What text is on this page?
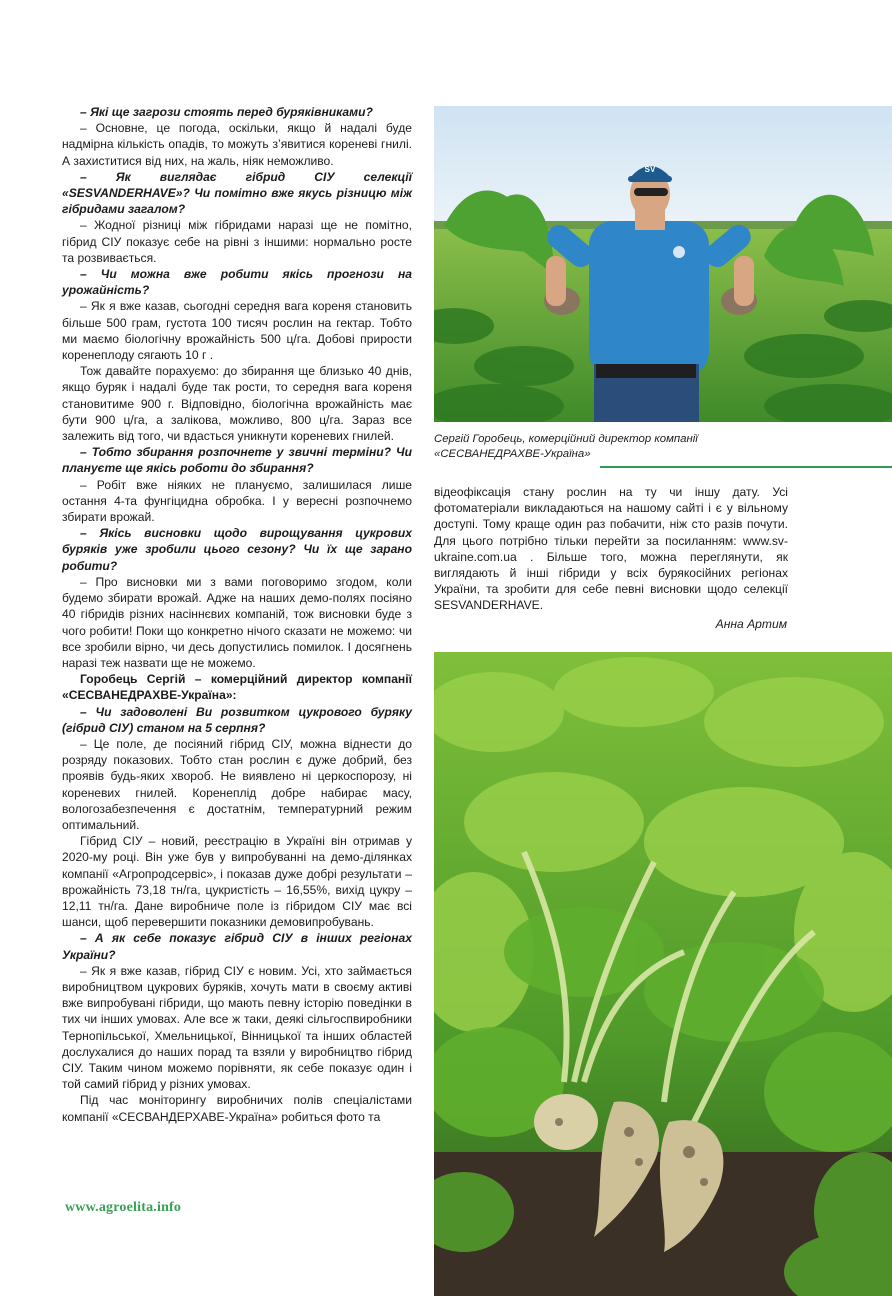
– Які ще загрози стоять перед буряківниками?

– Основне, це погода, оскільки, якщо й надалі буде надмірна кількість опадів, то можуть з’явитися кореневі гнилі. А захиститися від них, на жаль, ніяк неможливо.

– Як виглядає гібрид СІУ селекції «SESVANDERHAVE»? Чи помітно вже якусь різницю між гібридами загалом?

– Жодної різниці між гібридами наразі ще не помітно, гібрид СІУ показує себе на рівні з іншими: нормально росте та розвивається.

– Чи можна вже робити якісь прогнози на урожайність?

– Як я вже казав, сьогодні середня вага кореня становить більше 500 грам, густота 100 тисяч рослин на гектар. Тобто ми маємо біологічну врожайність 500 ц/га. Добові прирости коренеплоду сягають 10 г .

Тож давайте порахуємо: до збирання ще близько 40 днів, якщо буряк і надалі буде так рости, то середня вага кореня становитиме 900 г. Відповідно, біологічна врожайність має бути 900 ц/га, а залікова, можливо, 800 ц/га. Зараз все залежить від того, чи вдасться уникнути кореневих гнилей.

– Тобто збирання розпочнете у звичні терміни? Чи плануєте ще якісь роботи до збирання?

– Робіт вже ніяких не плануємо, залишилася лише остання 4-та фунгіцидна обробка. І у вересні розпочнемо збирати врожай.

– Якісь висновки щодо вирощування цукрових буряків уже зробили цього сезону? Чи їх ще зарано робити?

– Про висновки ми з вами поговоримо згодом, коли будемо збирати врожай. Адже на наших демо-полях посіяно 40 гібридів різних насіннєвих компаній, тож висновки буде з чого робити! Поки що конкретно нічого сказати не можемо: чи все зробили вірно, чи десь допустились помилок. І досягнень наразі теж назвати ще не можемо.

Горобець Сергій – комерційний директор компанії «СЕСВАНЕДРАХВЕ-Україна»:

– Чи задоволені Ви розвитком цукрового буряку (гібрид СІУ) станом на 5 серпня?

– Це поле, де посіяний гібрид СІУ, можна віднести до розряду показових. Тобто стан рослин є дуже добрий, без проявів будь-яких хвороб. Не виявлено ні церкоспорозу, ні кореневих гнилей. Коренеплід добре набирає масу, вологозабезпечення є достатнім, температурний режим оптимальний.

Гібрид СІУ – новий, реєстрацію в Україні він отримав у 2020-му році. Він уже був у випробуванні на демо-ділянках компанії «Агропродсервіс», і показав дуже добрі результати – врожайність 73,18 тн/га, цукристість – 16,55%, вихід цукру – 12,11 тн/га. Дане виробниче поле із гібридом СІУ має всі шанси, щоб перевершити показники демовипробувань.

– А як себе показує гібрид СІУ в інших регіонах України?

– Як я вже казав, гібрид СІУ є новим. Усі, хто займається виробництвом цукрових буряків, хочуть мати в своєму активі вже випробувані гібриди, що мають певну історію поведінки в тих чи інших умовах. Але все ж таки, деякі сільгоспвиробники Тернопільської, Хмельницької, Вінницької та інших областей дослухалися до наших порад та взяли у виробництво гібрид СІУ. Таким чином можемо порівняти, як себе показує один і той самий гібрид у різних умовах.

Під час моніторингу виробничих полів спеціалістами компанії «СЕСВАНДЕРХАВЕ-Україна» робиться фото та

SV
Сергій Горобець, комерційний директор компанії «СЕСВАНЕДРАХВЕ-Україна»

відеофіксація стану рослин на ту чи іншу дату. Усі фотоматеріали викладаються на нашому сайті і є у вільному доступі. Тому краще один раз побачити, ніж сто разів почути. Для цього потрібно тільки перейти за посиланням: www.sv-ukraine.com.ua . Більше того, можна переглянути, як виглядають й інші гібриди у всіх бурякосійних регіонах України, та зробити для себе певні висновки щодо селекції SESVANDERHAVE.

Анна Артим
www.agroelita.info
